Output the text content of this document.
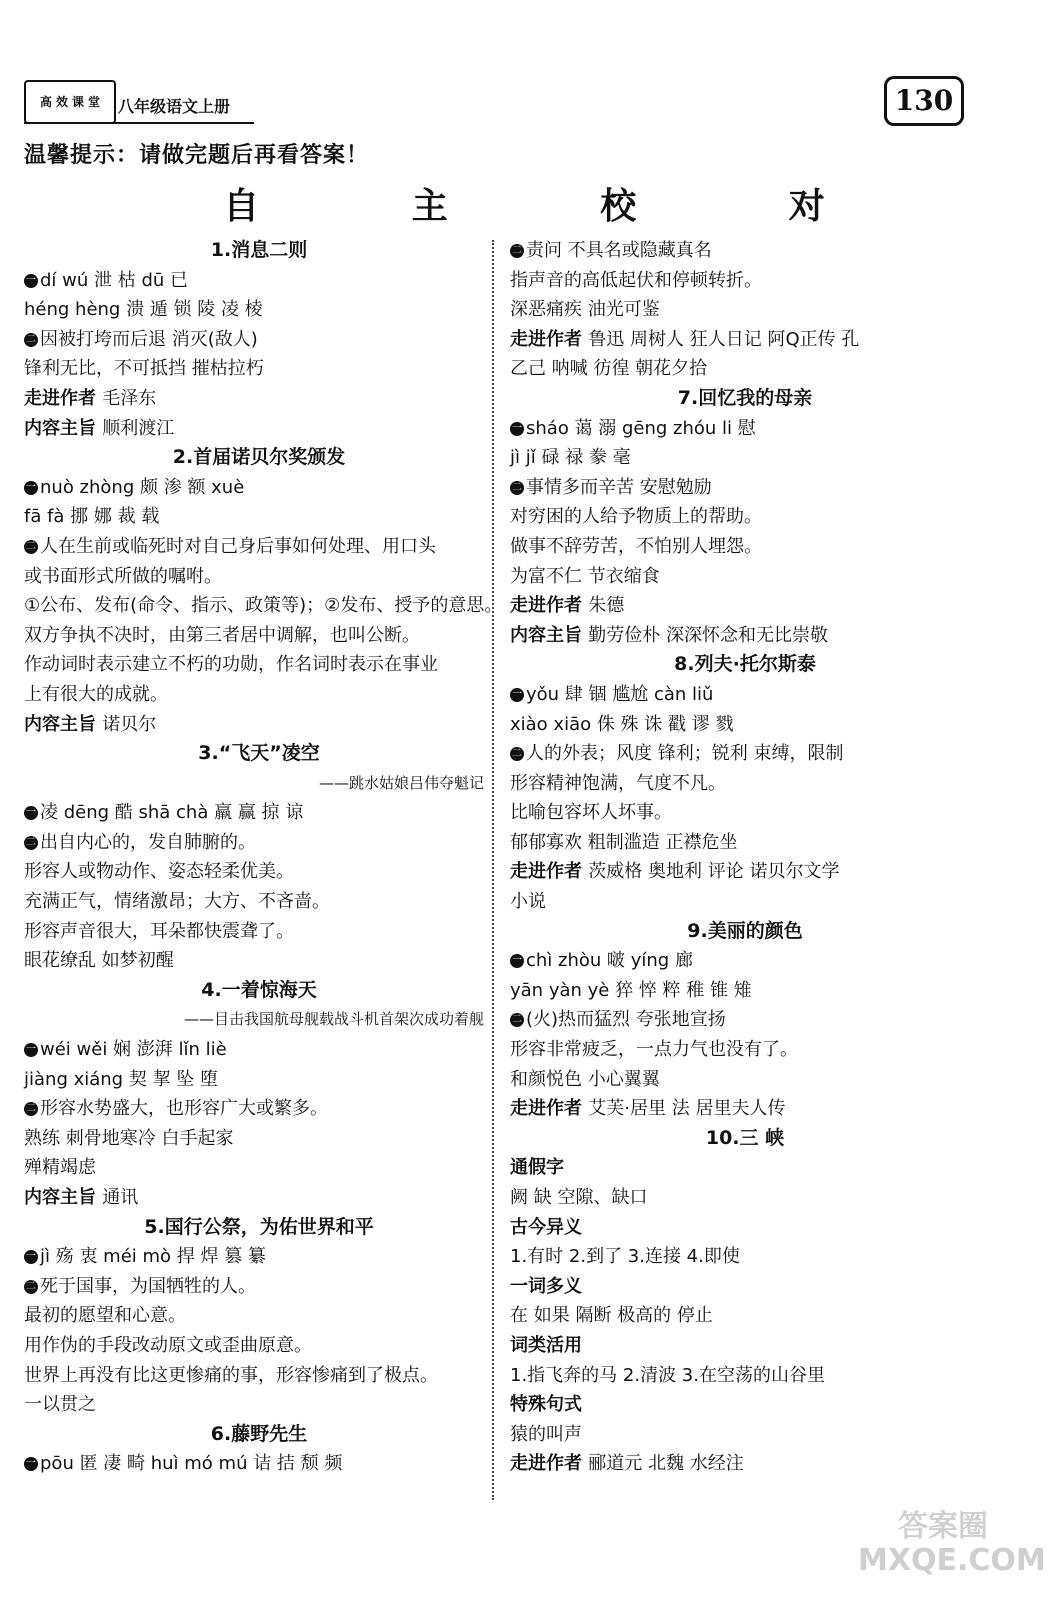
高 效 课 堂 八年级语文上册	130
温馨提示：请做完题后再看答案！
自 主 校 对
1.消息二则
一 dí wú 泄 枯 dū 已
héng hèng 溃 遁 锁 陵 凌 棱
二 因被打垮而后退 消灭(敌人)
锋利无比，不可抵挡 摧枯拉朽
走进作者 毛泽东
内容主旨 顺利渡江
2.首届诺贝尔奖颁发
一 nuò zhòng 颇 渗 额 xuè
fā fà 挪 娜 裁 载
二 人在生前或临死时对自己身后事如何处理、用口头
或书面形式所做的嘱咐。
①公布、发布(命令、指示、政策等)；②发布、授予的意思。
双方争执不决时，由第三者居中调解，也叫公断。
作动词时表示建立不朽的功勋，作名词时表示在事业
上有很大的成就。
内容主旨 诺贝尔
3.“飞天”凌空
——跳水姑娘吕伟夺魁记
一 凌 dēng 酷 shā chà 羸 赢 掠 谅
二 出自内心的，发自肺腑的。
形容人或物动作、姿态轻柔优美。
充满正气，情绪激昂；大方、不吝啬。
形容声音很大，耳朵都快震聋了。
眼花缭乱 如梦初醒
4.一着惊海天
——目击我国航母舰载战斗机首架次成功着舰
一 wéi wěi 娴 澎湃 lǐn liè
jiàng xiáng 契 挈 坠 堕
二 形容水势盛大，也形容广大或繁多。
熟练 刺骨地寒冷 白手起家
殚精竭虑
内容主旨 通讯
5.国行公祭，为佑世界和平
一 jì 殇 衷 méi mò 捍 焊 篡 纂
二 死于国事，为国牺牲的人。
最初的愿望和心意。
用作伪的手段改动原文或歪曲原意。
世界上再没有比这更惨痛的事，形容惨痛到了极点。
一以贯之
6.藤野先生
一 pōu 匿 凄 畸 huì mó mú 诘 拮 颓 频
二 责问 不具名或隐藏真名
指声音的高低起伏和停顿转折。
深恶痛疾 油光可鉴
走进作者 鲁迅 周树人 狂人日记 阿Q正传 孔
乙己 呐喊 彷徨 朝花夕拾
7.回忆我的母亲
一 sháo 蔼 溺 gēng zhóu li 慰
jì jǐ 碌 禄 豢 毫
二 事情多而辛苦 安慰勉励
对穷困的人给予物质上的帮助。
做事不辞劳苦，不怕别人埋怨。
为富不仁 节衣缩食
走进作者 朱德
内容主旨 勤劳俭朴 深深怀念和无比崇敬
8.列夫·托尔斯泰
一 yǒu 肆 锢 尴尬 càn liǔ
xiào xiāo 侏 殊 诛 戳 谬 戮
二 人的外表；风度 锋利；锐利 束缚，限制
形容精神饱满，气度不凡。
比喻包容坏人坏事。
郁郁寡欢 粗制滥造 正襟危坐
走进作者 茨威格 奥地利 评论 诺贝尔文学
小说
9.美丽的颜色
一 chì zhòu 啵 yíng 廊
yān yàn yè 猝 悴 粹 稚 锥 雉
二 (火)热而猛烈 夸张地宣扬
形容非常疲乏，一点力气也没有了。
和颜悦色 小心翼翼
走进作者 艾芙·居里 法 居里夫人传
10.三 峡
通假字
阙 缺 空隙、缺口
古今异义
1.有时 2.到了 3.连接 4.即使
一词多义
在 如果 隔断 极高的 停止
词类活用
1.指飞奔的马 2.清波 3.在空荡的山谷里
特殊句式
猿的叫声
走进作者 郦道元 北魏 水经注
答案圈 MXQE.COM
